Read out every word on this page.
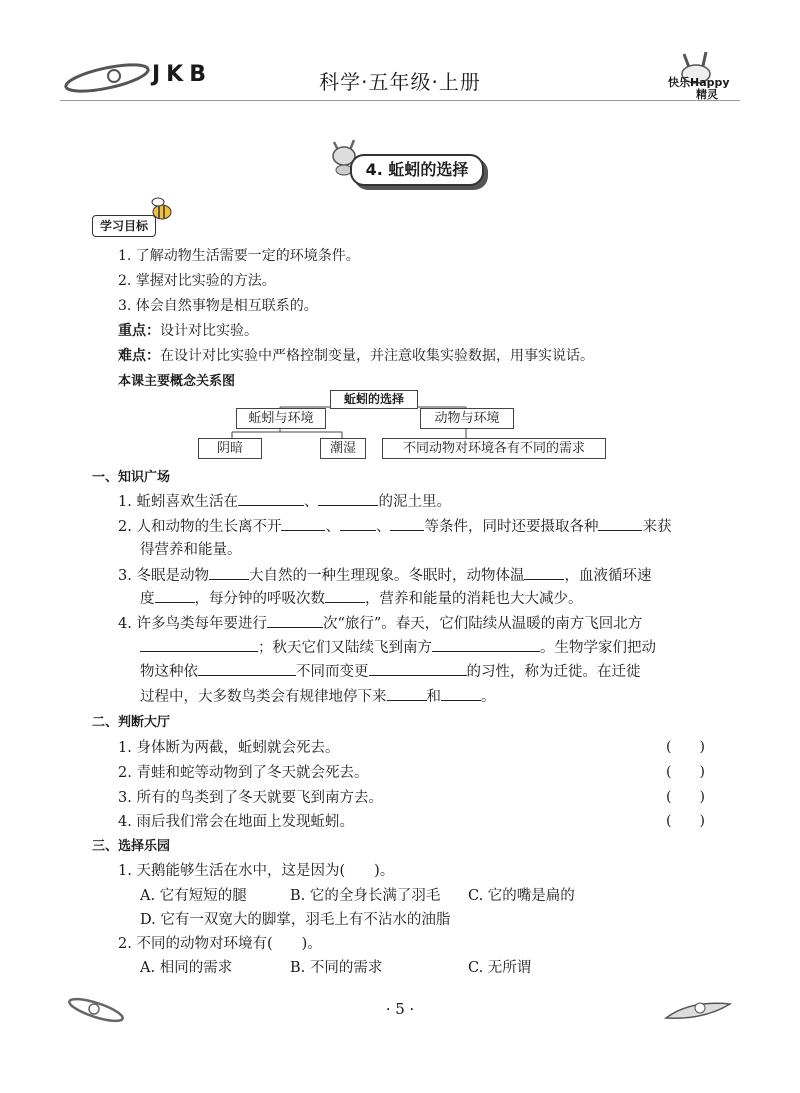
JKB	科学·五年级·上册	快乐Happy
精灵
4. 蚯蚓的选择
学习目标
1. 了解动物生活需要一定的环境条件。
2. 掌握对比实验的方法。
3. 体会自然事物是相互联系的。
重点：设计对比实验。
难点：在设计对比实验中严格控制变量，并注意收集实验数据，用事实说话。
本课主要概念关系图
蚯蚓的选择
蚯蚓与环境	动物与环境
阴暗	潮湿	不同动物对环境各有不同的需求
一、知识广场
1. 蚯蚓喜欢生活在	、	的泥土里。
2. 人和动物的生长离不开	、 、 等条件，同时还要摄取各种	来获
得营养和能量。
3. 冬眠是动物	大自然的一种生理现象。冬眠时，动物体温	，血液循环速
度	，每分钟的呼吸次数	，营养和能量的消耗也大大减少。
4. 许多鸟类每年要进行	次“旅行”。春天，它们陆续从温暖的南方飞回北方
；秋天它们又陆续飞到南方	。生物学家们把动
物这种依	不同而变更	的习性，称为迁徙。在迁徙
过程中，大多数鸟类会有规律地停下来	和	。
二、判断大厅
1. 身体断为两截，蚯蚓就会死去。	(　　)
2. 青蛙和蛇等动物到了冬天就会死去。	(　　)
3. 所有的鸟类到了冬天就要飞到南方去。	(　　)
4. 雨后我们常会在地面上发现蚯蚓。	(　　)
三、选择乐园
1. 天鹅能够生活在水中，这是因为(　　)。
A. 它有短短的腿	B. 它的全身长满了羽毛 C. 它的嘴是扁的
D. 它有一双宽大的脚掌，羽毛上有不沾水的油脂
2. 不同的动物对环境有(　　)。
A. 相同的需求	B. 不同的需求	C. 无所谓
· 5 ·
